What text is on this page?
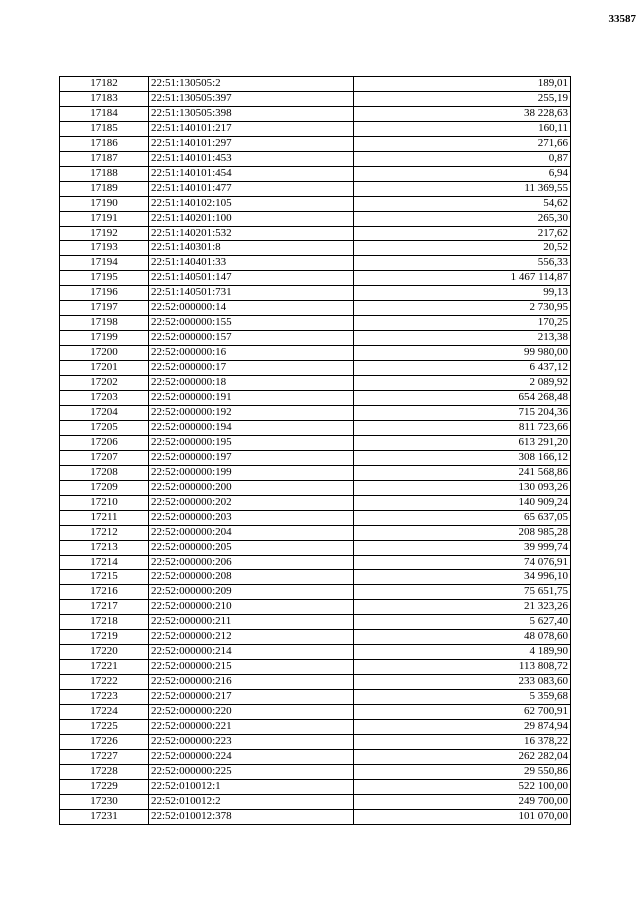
33587
17182	22:51:130505:2	189,01
17183	22:51:130505:397	255,19
17184	22:51:130505:398	38 228,63
17185	22:51:140101:217	160,11
17186	22:51:140101:297	271,66
17187	22:51:140101:453	0,87
17188	22:51:140101:454	6,94
17189	22:51:140101:477	11 369,55
17190	22:51:140102:105	54,62
17191	22:51:140201:100	265,30
17192	22:51:140201:532	217,62
17193	22:51:140301:8	20,52
17194	22:51:140401:33	556,33
17195	22:51:140501:147	1 467 114,87
17196	22:51:140501:731	99,13
17197	22:52:000000:14	2 730,95
17198	22:52:000000:155	170,25
17199	22:52:000000:157	213,38
17200	22:52:000000:16	99 980,00
17201	22:52:000000:17	6 437,12
17202	22:52:000000:18	2 089,92
17203	22:52:000000:191	654 268,48
17204	22:52:000000:192	715 204,36
17205	22:52:000000:194	811 723,66
17206	22:52:000000:195	613 291,20
17207	22:52:000000:197	308 166,12
17208	22:52:000000:199	241 568,86
17209	22:52:000000:200	130 093,26
17210	22:52:000000:202	140 909,24
17211	22:52:000000:203	65 637,05
17212	22:52:000000:204	208 985,28
17213	22:52:000000:205	39 999,74
17214	22:52:000000:206	74 076,91
17215	22:52:000000:208	34 996,10
17216	22:52:000000:209	75 651,75
17217	22:52:000000:210	21 323,26
17218	22:52:000000:211	5 627,40
17219	22:52:000000:212	48 078,60
17220	22:52:000000:214	4 189,90
17221	22:52:000000:215	113 808,72
17222	22:52:000000:216	233 083,60
17223	22:52:000000:217	5 359,68
17224	22:52:000000:220	62 700,91
17225	22:52:000000:221	29 874,94
17226	22:52:000000:223	16 378,22
17227	22:52:000000:224	262 282,04
17228	22:52:000000:225	29 550,86
17229	22:52:010012:1	522 100,00
17230	22:52:010012:2	249 700,00
17231	22:52:010012:378	101 070,00
